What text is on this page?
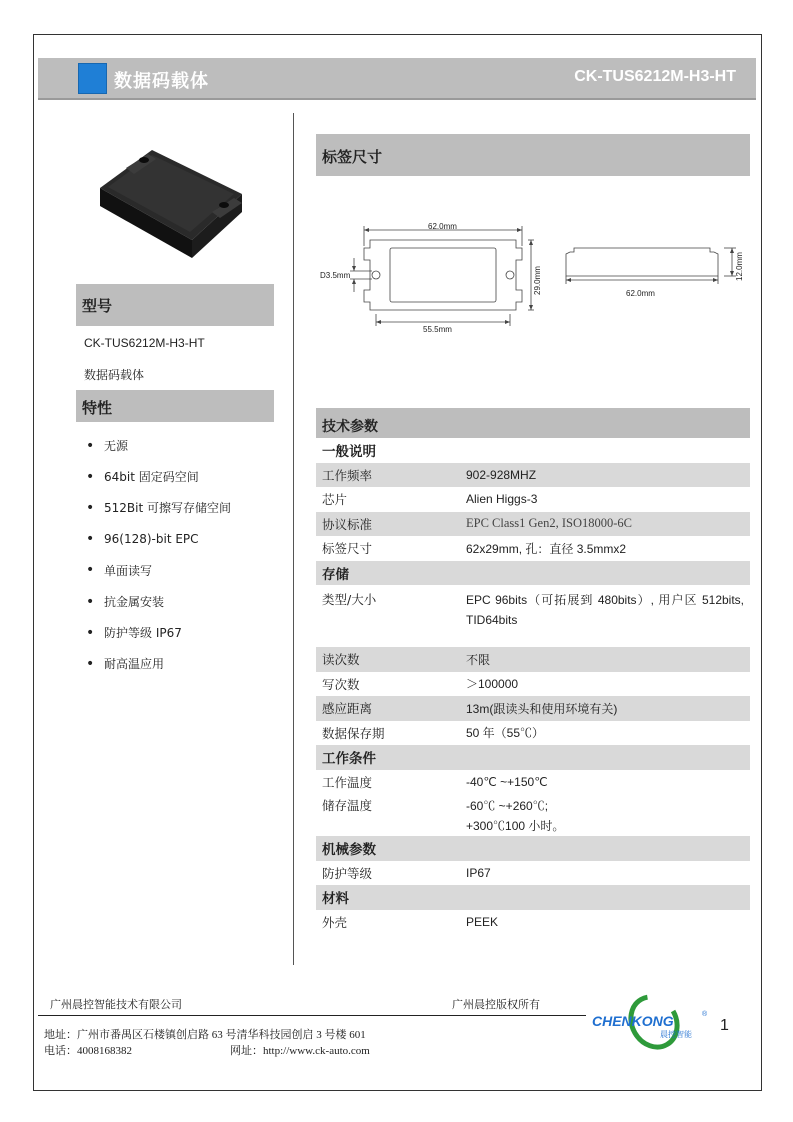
数据码载体	CK-TUS6212M-H3-HT
型号
CK-TUS6212M-H3-HT
数据码载体
特性
• 无源
• 64bit 固定码空间
• 512Bit 可擦写存储空间
• 96(128)-bit EPC
• 单面读写
• 抗金属安装
• 防护等级 IP67
• 耐高温应用
标签尺寸
62.0mm
D3.5mm
55.5mm
62.0mm
29.0mm	12.0mm
技术参数
一般说明
工作频率	902-928MHZ
芯片	Alien Higgs-3
协议标准	EPC Class1 Gen2, ISO18000-6C
标签尺寸	62x29mm, 孔：直径 3.5mmx2
存储
类型/大小	EPC 96bits（可拓展到 480bits）, 用户区 512bits, TID64bits
读次数	不限
写次数	＞100000
感应距离	13m(跟读头和使用环境有关)
数据保存期	50 年（55℃）
工作条件
工作温度	-40℃ ~+150℃
储存温度	-60℃ ~+260℃; +300℃100 小时。
机械参数
防护等级	IP67
材料
外壳	PEEK
广州晨控智能技术有限公司	广州晨控版权所有
地址：广州市番禺区石楼镇创启路 63 号清华科技园创启 3 号楼 601
电话：4008168382	网址：http://www.ck-auto.com
CHENKONG
晨控智能
®
1
